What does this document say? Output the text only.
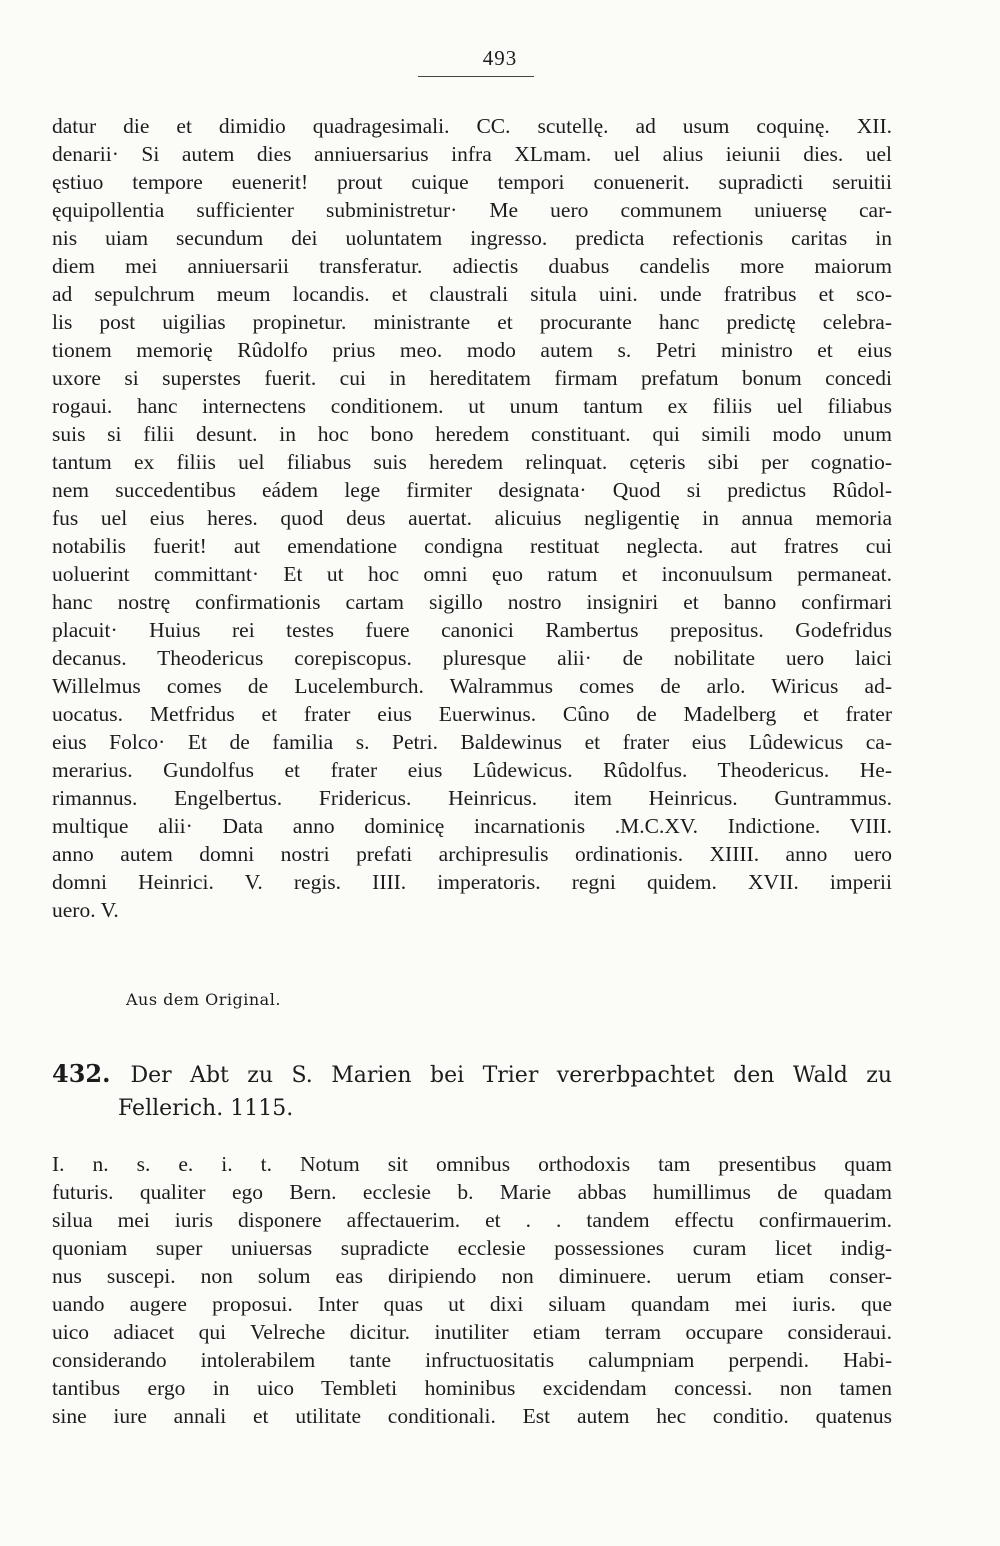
493
datur die et dimidio quadragesimali. CC. scutellę. ad usum coquinę. XII.
denarii· Si autem dies anniuersarius infra XLmam. uel alius ieiunii dies. uel
ęstiuo tempore euenerit! prout cuique tempori conuenerit. supradicti seruitii
ęquipollentia sufficienter subministretur· Me uero communem uniuersę car-
nis uiam secundum dei uoluntatem ingresso. predicta refectionis caritas in
diem mei anniuersarii transferatur. adiectis duabus candelis more maiorum
ad sepulchrum meum locandis. et claustrali situla uini. unde fratribus et sco-
lis post uigilias propinetur. ministrante et procurante hanc predictę celebra-
tionem memorię Rûdolfo prius meo. modo autem s. Petri ministro et eius
uxore si superstes fuerit. cui in hereditatem firmam prefatum bonum concedi
rogaui. hanc internectens conditionem. ut unum tantum ex filiis uel filiabus
suis si filii desunt. in hoc bono heredem constituant. qui simili modo unum
tantum ex filiis uel filiabus suis heredem relinquat. cęteris sibi per cognatio-
nem succedentibus eádem lege firmiter designata· Quod si predictus Rûdol-
fus uel eius heres. quod deus auertat. alicuius negligentię in annua memoria
notabilis fuerit! aut emendatione condigna restituat neglecta. aut fratres cui
uoluerint committant· Et ut hoc omni ęuo ratum et inconuulsum permaneat.
hanc nostrę confirmationis cartam sigillo nostro insigniri et banno confirmari
placuit· Huius rei testes fuere canonici Rambertus prepositus. Godefridus
decanus. Theodericus corepiscopus. pluresque alii· de nobilitate uero laici
Willelmus comes de Lucelemburch. Walrammus comes de arlo. Wiricus ad-
uocatus. Metfridus et frater eius Euerwinus. Cûno de Madelberg et frater
eius Folco· Et de familia s. Petri. Baldewinus et frater eius Lûdewicus ca-
merarius. Gundolfus et frater eius Lûdewicus. Rûdolfus. Theodericus. He-
rimannus. Engelbertus. Fridericus. Heinricus. item Heinricus. Guntrammus.
multique alii· Data anno dominicę incarnationis .M.C.XV. Indictione. VIII.
anno autem domni nostri prefati archipresulis ordinationis. XIIII. anno uero
domni Heinrici. V. regis. IIII. imperatoris. regni quidem. XVII. imperii
uero. V.
Aus dem Original.
432. Der Abt zu S. Marien bei Trier vererbpachtet den Wald zu
Fellerich. 1115.
I. n. s. e. i. t. Notum sit omnibus orthodoxis tam presentibus quam
futuris. qualiter ego Bern. ecclesie b. Marie abbas humillimus de quadam
silua mei iuris disponere affectauerim. et . . tandem effectu confirmauerim.
quoniam super uniuersas supradicte ecclesie possessiones curam licet indig-
nus suscepi. non solum eas diripiendo non diminuere. uerum etiam conser-
uando augere proposui. Inter quas ut dixi siluam quandam mei iuris. que
uico adiacet qui Velreche dicitur. inutiliter etiam terram occupare consideraui.
considerando intolerabilem tante infructuositatis calumpniam perpendi. Habi-
tantibus ergo in uico Tembleti hominibus excidendam concessi. non tamen
sine iure annali et utilitate conditionali. Est autem hec conditio. quatenus
